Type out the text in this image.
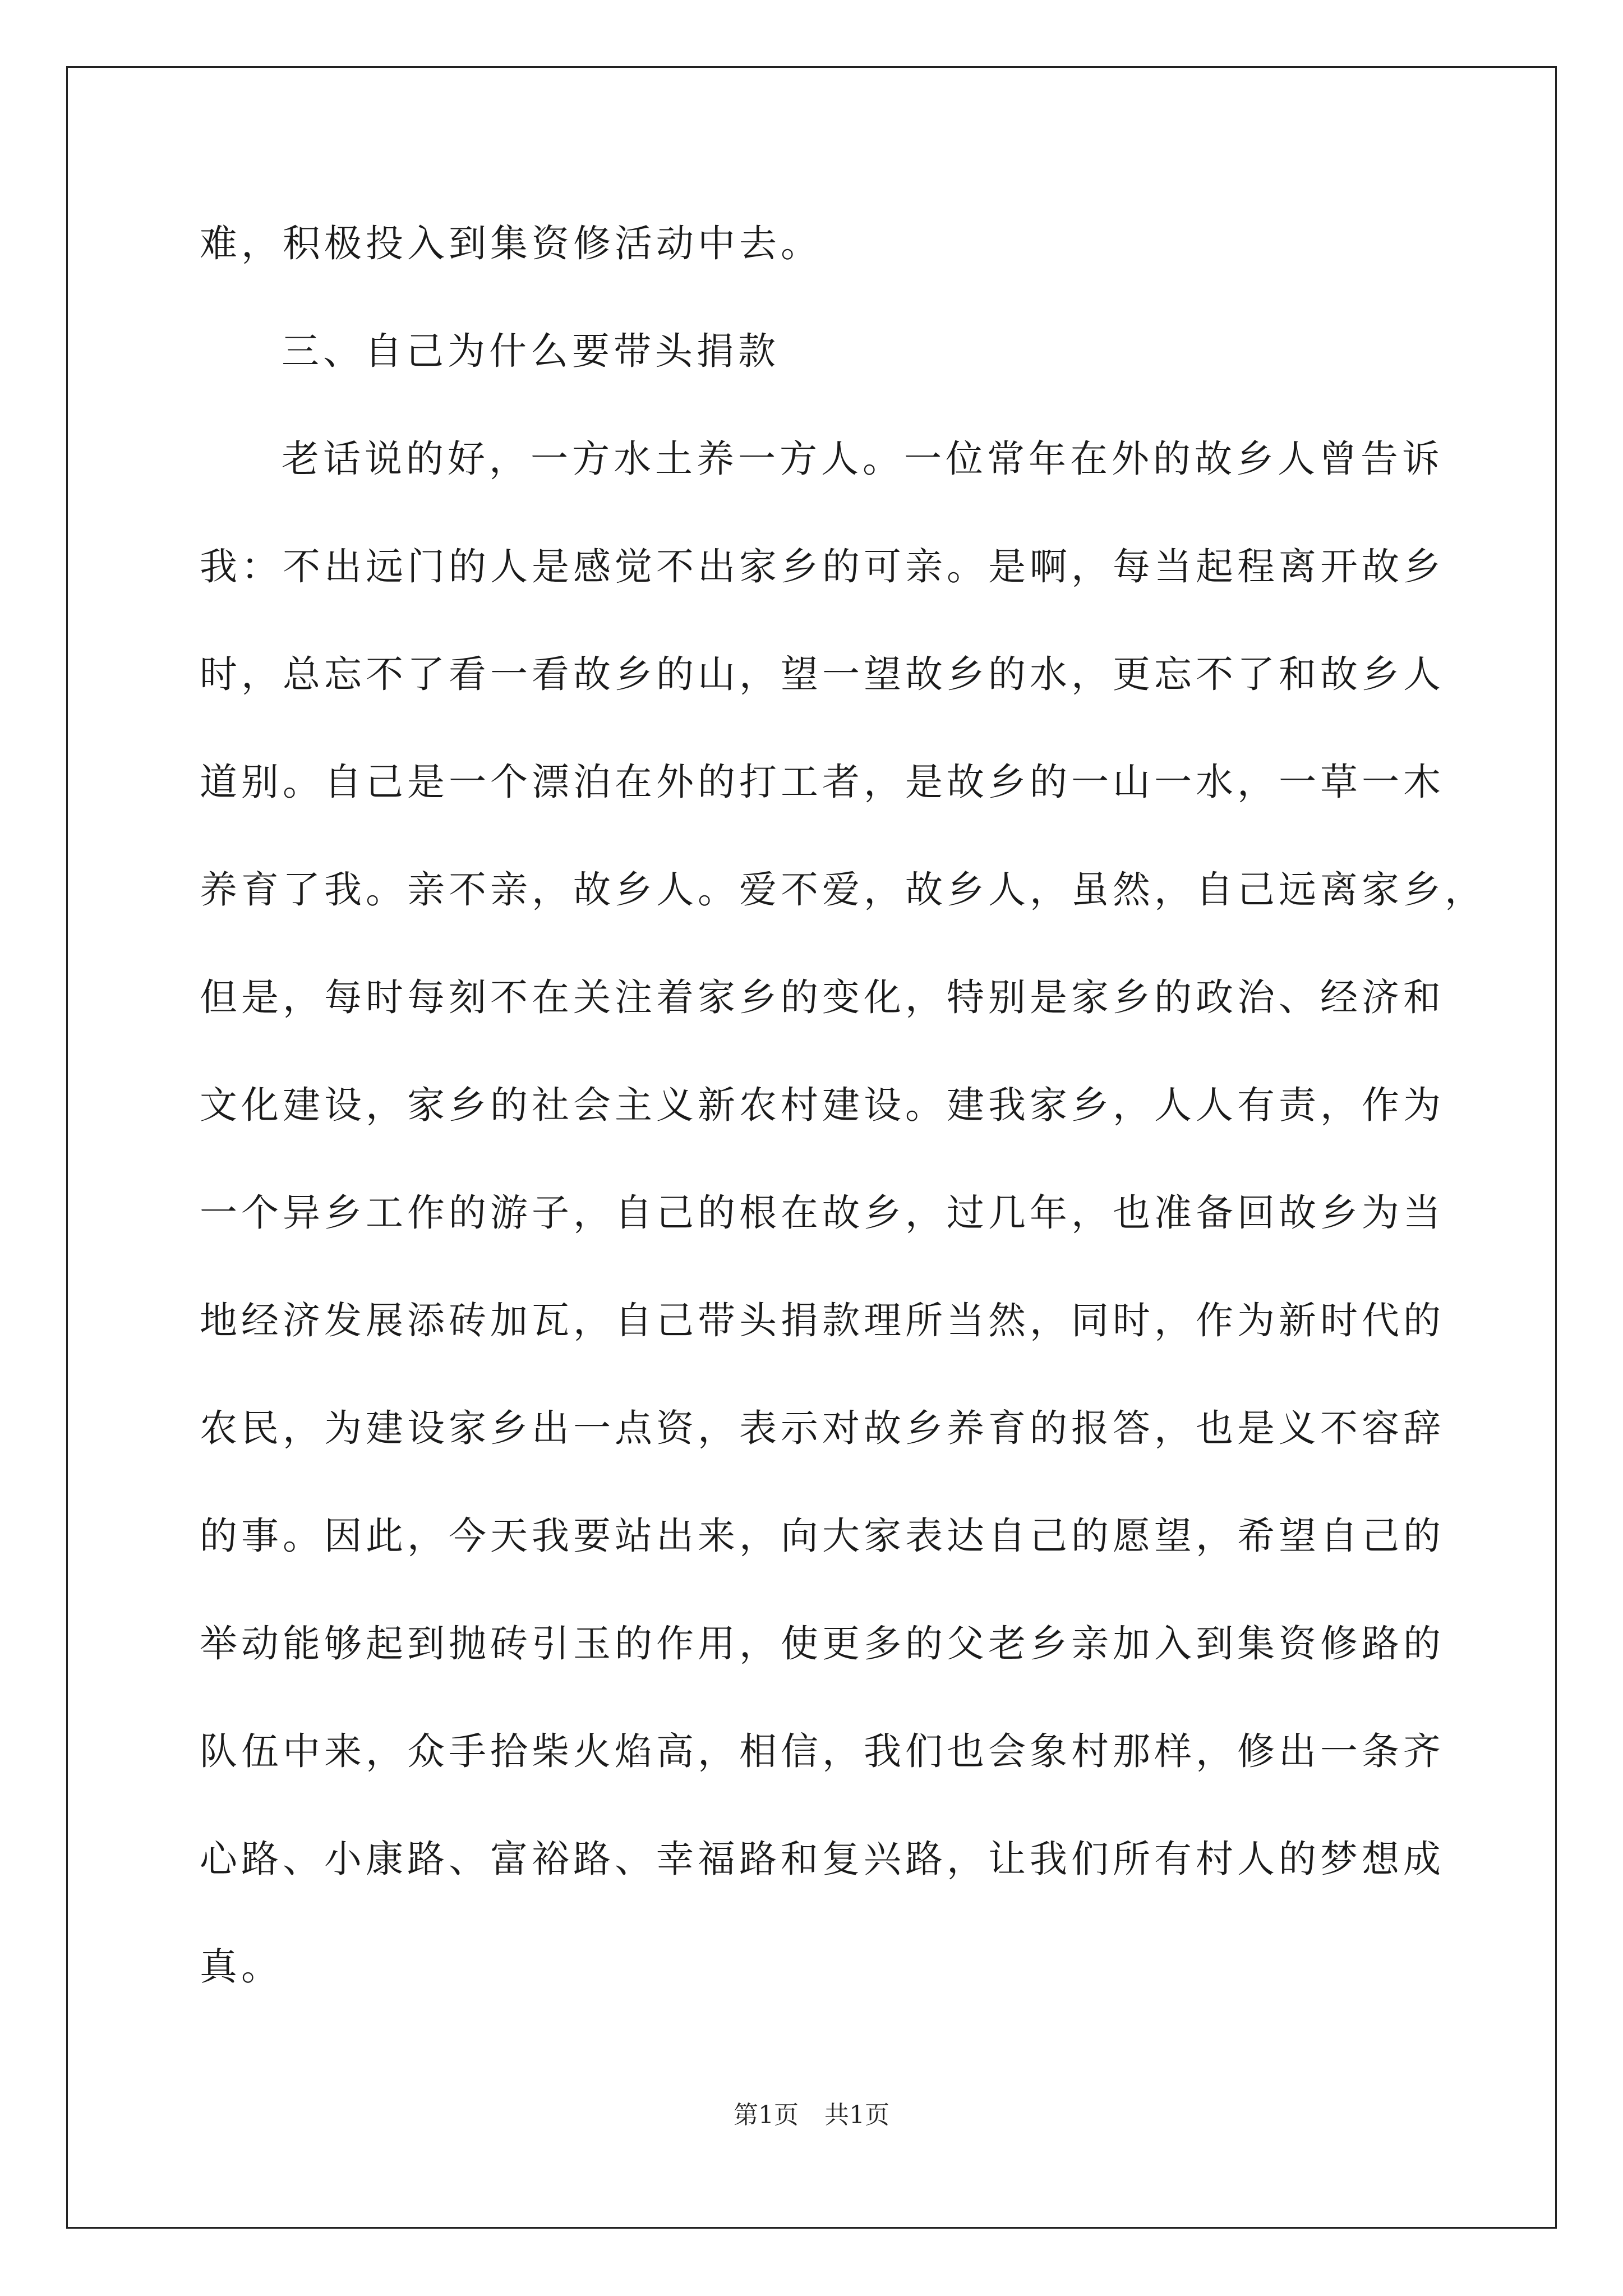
难，积极投入到集资修活动中去。

三、自己为什么要带头捐款

老话说的好，一方水土养一方人。一位常年在外的故乡人曾告诉

我：不出远门的人是感觉不出家乡的可亲。是啊，每当起程离开故乡

时，总忘不了看一看故乡的山，望一望故乡的水，更忘不了和故乡人

道别。自己是一个漂泊在外的打工者，是故乡的一山一水，一草一木

养育了我。亲不亲，故乡人。爱不爱，故乡人，虽然，自己远离家乡，

但是，每时每刻不在关注着家乡的变化，特别是家乡的政治、经济和

文化建设，家乡的社会主义新农村建设。建我家乡，人人有责，作为

一个异乡工作的游子，自己的根在故乡，过几年，也准备回故乡为当

地经济发展添砖加瓦，自己带头捐款理所当然，同时，作为新时代的

农民，为建设家乡出一点资，表示对故乡养育的报答，也是义不容辞

的事。因此，今天我要站出来，向大家表达自己的愿望，希望自己的

举动能够起到抛砖引玉的作用，使更多的父老乡亲加入到集资修路的

队伍中来，众手拾柴火焰高，相信，我们也会象村那样，修出一条齐

心路、小康路、富裕路、幸福路和复兴路，让我们所有村人的梦想成

真。

第1页 共1页
